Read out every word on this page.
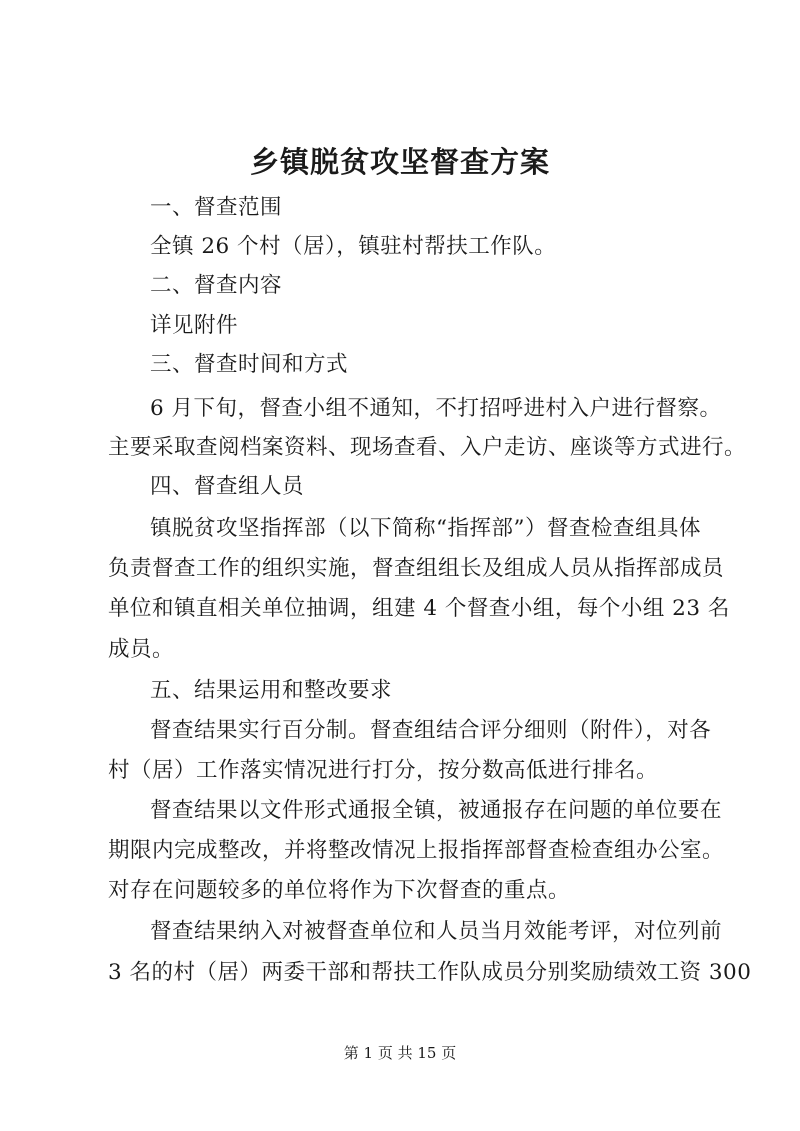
乡镇脱贫攻坚督查方案
一、督查范围
全镇 26 个村（居），镇驻村帮扶工作队。
二、督查内容
详见附件
三、督查时间和方式
6 月下旬，督查小组不通知，不打招呼进村入户进行督察。
主要采取查阅档案资料、现场查看、入户走访、座谈等方式进行。
四、督查组人员
镇脱贫攻坚指挥部（以下简称“指挥部”）督查检查组具体
负责督查工作的组织实施，督查组组长及组成人员从指挥部成员
单位和镇直相关单位抽调，组建 4 个督查小组，每个小组 23 名
成员。
五、结果运用和整改要求
督查结果实行百分制。督查组结合评分细则（附件），对各
村（居）工作落实情况进行打分，按分数高低进行排名。
督查结果以文件形式通报全镇，被通报存在问题的单位要在
期限内完成整改，并将整改情况上报指挥部督查检查组办公室。
对存在问题较多的单位将作为下次督查的重点。
督查结果纳入对被督查单位和人员当月效能考评，对位列前
3 名的村（居）两委干部和帮扶工作队成员分别奖励绩效工资 300
第 1 页 共 15 页
